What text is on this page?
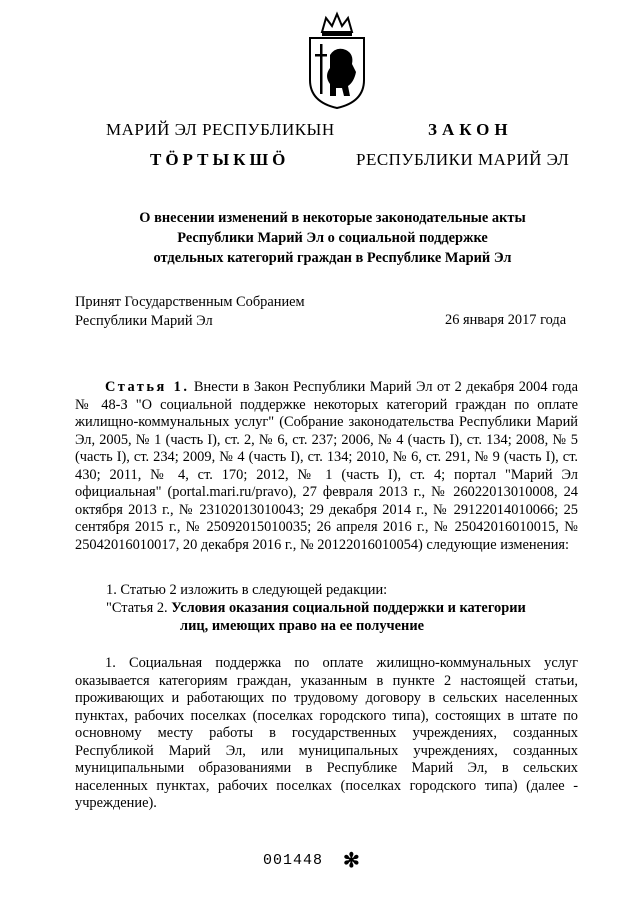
МАРИЙ ЭЛ РЕСПУБЛИКЫН
ТӦРТЫКШӦ
ЗАКОН
РЕСПУБЛИКИ МАРИЙ ЭЛ
О внесении изменений в некоторые законодательные акты
Республики Марий Эл о социальной поддержке
отдельных категорий граждан в Республике Марий Эл
Принят Государственным Собранием
Республики Марий Эл	26 января 2017 года
Статья 1. Внести в Закон Республики Марий Эл от 2 декабря 2004 года № 48-З "О социальной поддержке некоторых категорий граждан по оплате жилищно-коммунальных услуг" (Собрание законодательства Республики Марий Эл, 2005, № 1 (часть I), ст. 2, № 6, ст. 237; 2006, № 4 (часть I), ст. 134; 2008, № 5 (часть I), ст. 234; 2009, № 4 (часть I), ст. 134; 2010, № 6, ст. 291, № 9 (часть I), ст. 430; 2011, № 4, ст. 170; 2012, № 1 (часть I), ст. 4; портал "Марий Эл официальная" (portal.mari.ru/pravo), 27 февраля 2013 г., № 26022013010008, 24 октября 2013 г., № 23102013010043; 29 декабря 2014 г., № 29122014010066; 25 сентября 2015 г., № 25092015010035; 26 апреля 2016 г., № 25042016010015, № 25042016010017, 20 декабря 2016 г., № 20122016010054) следующие изменения:
1. Статью 2 изложить в следующей редакции:
"Статья 2. Условия оказания социальной поддержки и категории
лиц, имеющих право на ее получение
1. Социальная поддержка по оплате жилищно-коммунальных услуг оказывается категориям граждан, указанным в пункте 2 настоящей статьи, проживающих и работающих по трудовому договору в сельских населенных пунктах, рабочих поселках (поселках городского типа), состоящих в штате по основному месту работы в государственных учреждениях, созданных Республикой Марий Эл, или муниципальных учреждениях, созданных муниципальными образованиями в Республике Марий Эл, в сельских населенных пунктах, рабочих поселках (поселках городского типа) (далее - учреждение).
001448 ✻
